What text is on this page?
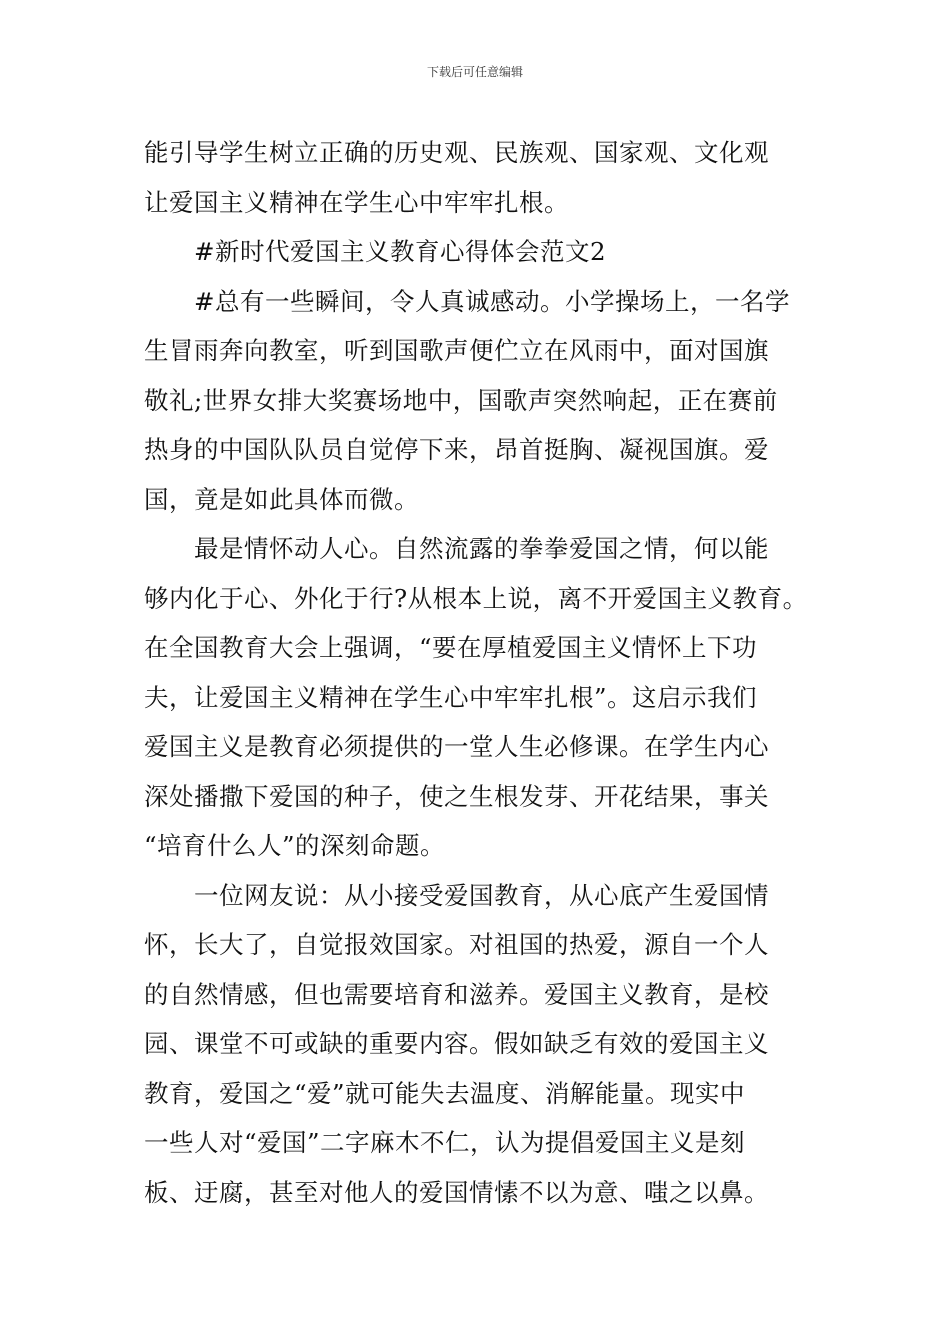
下载后可任意编辑
能引导学生树立正确的历史观、民族观、国家观、文化观
让爱国主义精神在学生心中牢牢扎根。
#新时代爱国主义教育心得体会范文2
#总有一些瞬间，令人真诚感动。小学操场上，一名学
生冒雨奔向教室，听到国歌声便伫立在风雨中，面对国旗
敬礼;世界女排大奖赛场地中，国歌声突然响起，正在赛前
热身的中国队队员自觉停下来，昂首挺胸、凝视国旗。爱
国，竟是如此具体而微。
最是情怀动人心。自然流露的拳拳爱国之情，何以能
够内化于心、外化于行?从根本上说，离不开爱国主义教育。
在全国教育大会上强调，“要在厚植爱国主义情怀上下功
夫，让爱国主义精神在学生心中牢牢扎根”。这启示我们
爱国主义是教育必须提供的一堂人生必修课。在学生内心
深处播撒下爱国的种子，使之生根发芽、开花结果，事关
“培育什么人”的深刻命题。
一位网友说：从小接受爱国教育，从心底产生爱国情
怀，长大了，自觉报效国家。对祖国的热爱，源自一个人
的自然情感，但也需要培育和滋养。爱国主义教育，是校
园、课堂不可或缺的重要内容。假如缺乏有效的爱国主义
教育，爱国之“爱”就可能失去温度、消解能量。现实中
一些人对“爱国”二字麻木不仁，认为提倡爱国主义是刻
板、迂腐，甚至对他人的爱国情愫不以为意、嗤之以鼻。
